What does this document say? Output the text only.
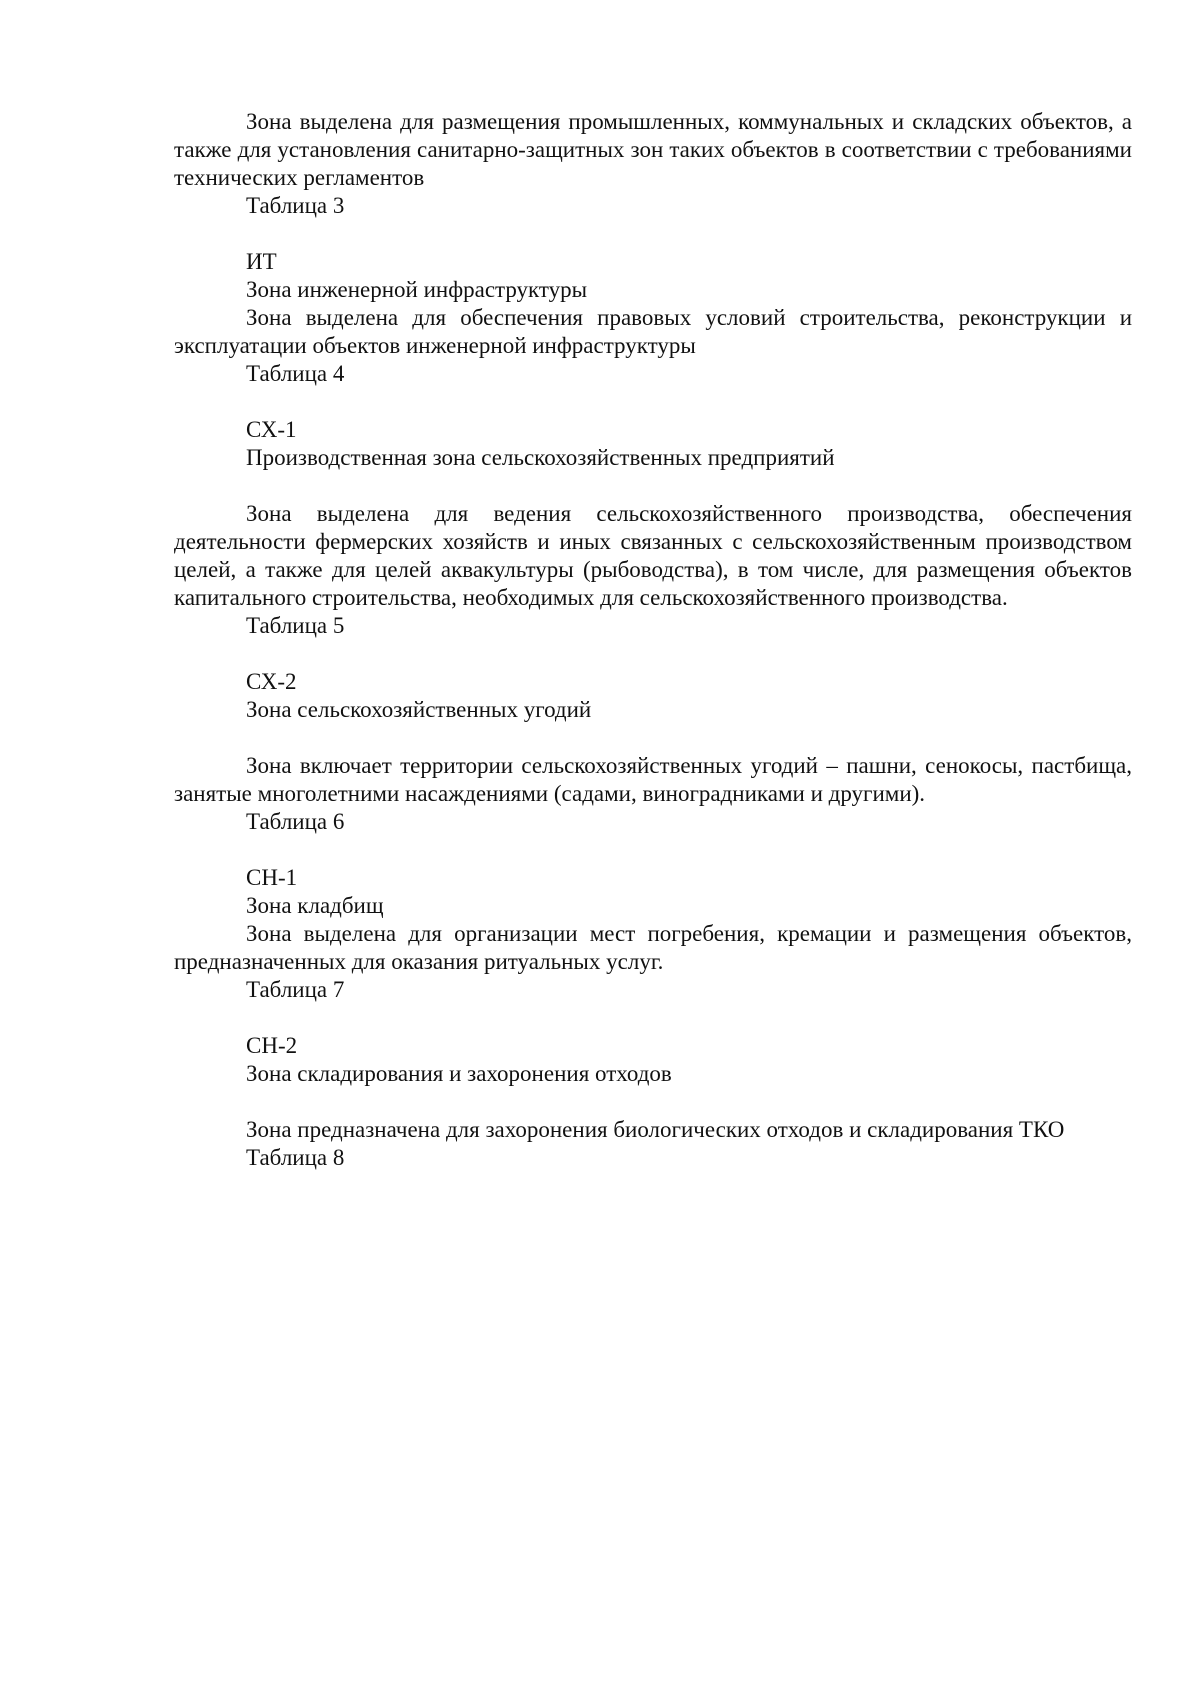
Зона выделена для размещения промышленных, коммунальных и складских объектов, а также для установления санитарно-защитных зон таких объектов в соответствии с требованиями технических регламентов

Таблица 3

ИТ

Зона инженерной инфраструктуры

Зона выделена для обеспечения правовых условий строительства, реконструкции и эксплуатации объектов инженерной инфраструктуры

Таблица 4

СХ-1

Производственная зона сельскохозяйственных предприятий

Зона выделена для ведения сельскохозяйственного производства, обеспечения деятельности фермерских хозяйств и иных связанных с сельскохозяйственным производством целей, а также для целей аквакультуры (рыбоводства), в том числе, для размещения объектов капитального строительства, необходимых для сельскохозяйственного производства.

Таблица 5

СХ-2

Зона сельскохозяйственных угодий

Зона включает территории сельскохозяйственных угодий – пашни, сенокосы, пастбища, занятые многолетними насаждениями (садами, виноградниками и другими).

Таблица 6

СН-1

Зона кладбищ

Зона выделена для организации мест погребения, кремации и размещения объектов, предназначенных для оказания ритуальных услуг.

Таблица 7

СН-2

Зона складирования и захоронения отходов

Зона предназначена для захоронения биологических отходов и складирования ТКО

Таблица 8
